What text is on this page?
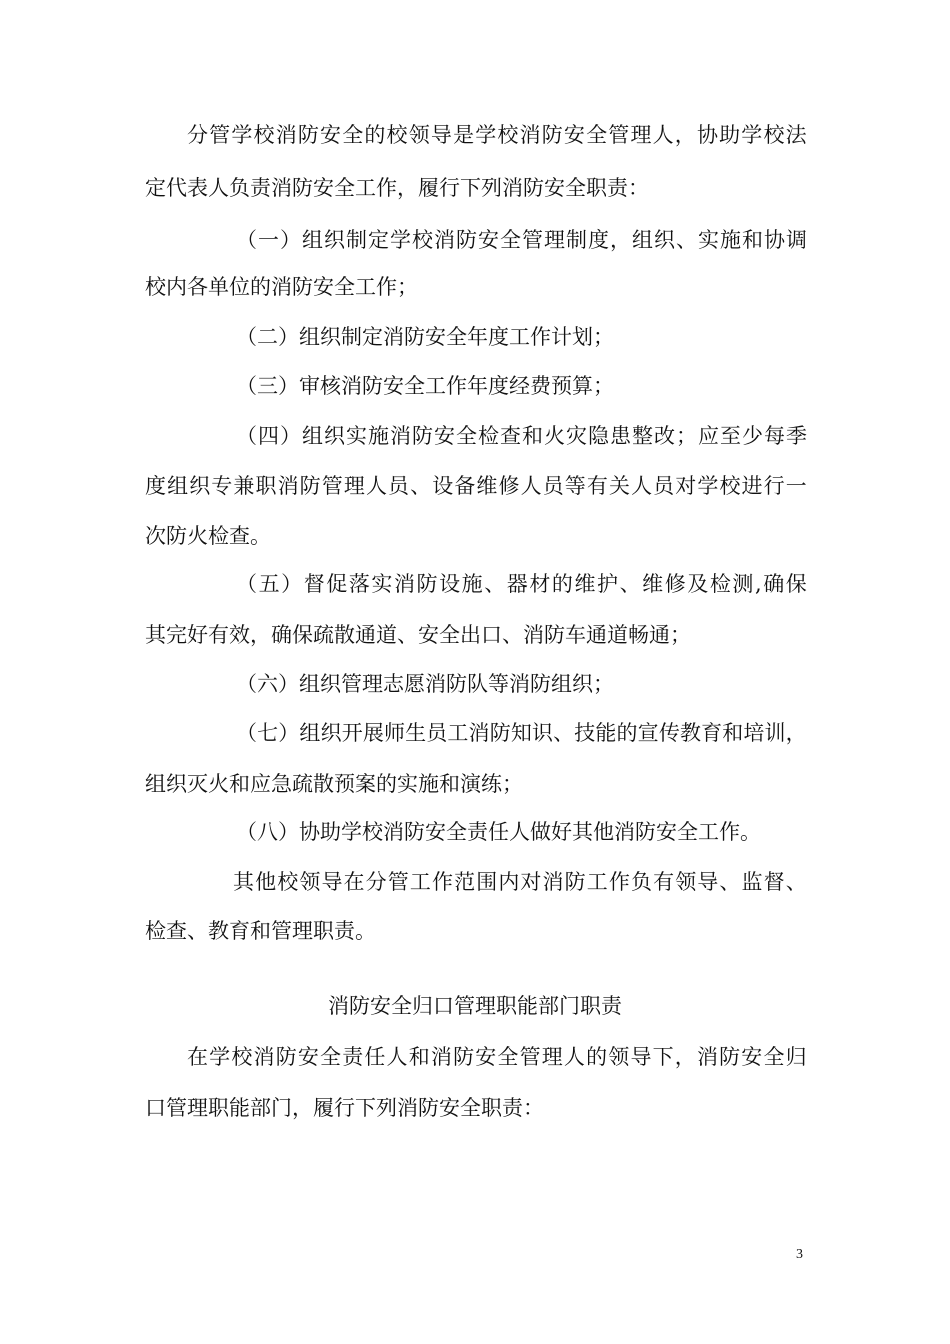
分 管 学 校 消 防 安 全 的 校 领 导 是 学 校 消 防 安 全 管 理 人 ， 协 助 学 校 法
定代表人负责消防安全工作，履行下列消防安全职责：
（ 一 ） 组 织 制 定 学 校 消 防 安 全 管 理 制 度 ， 组 织 、 实 施 和 协 调
校内各单位的消防安全工作；
（二）组织制定消防安全年度工作计划；
（三）审核消防安全工作年度经费预算；
（ 四 ） 组 织 实 施 消 防 安 全 检 查 和 火 灾 隐 患 整 改 ； 应 至 少 每 季
度 组 织 专 兼 职 消 防 管 理 人 员 、 设 备 维 修 人 员 等 有 关 人 员 对 学 校 进 行 一
次防火检查。
（ 五 ） 督 促 落 实 消 防 设 施 、 器 材 的 维 护 、 维 修 及 检 测 , 确 保
其完好有效，确保疏散通道、安全出口、消防车通道畅通；
（六）组织管理志愿消防队等消防组织；
（ 七 ） 组 织 开 展 师 生 员 工 消 防 知 识 、 技 能 的 宣 传 教 育 和 培 训 ，
组织灭火和应急疏散预案的实施和演练；
（八）协助学校消防安全责任人做好其他消防安全工作。
其 他 校 领 导 在 分 管 工 作 范 围 内 对 消 防 工 作 负 有 领 导 、 监 督 、
检查、教育和管理职责。
消防安全归口管理职能部门职责
在 学 校 消 防 安 全 责 任 人 和 消 防 安 全 管 理 人 的 领 导 下 ， 消 防 安 全 归
口管理职能部门，履行下列消防安全职责：
3
